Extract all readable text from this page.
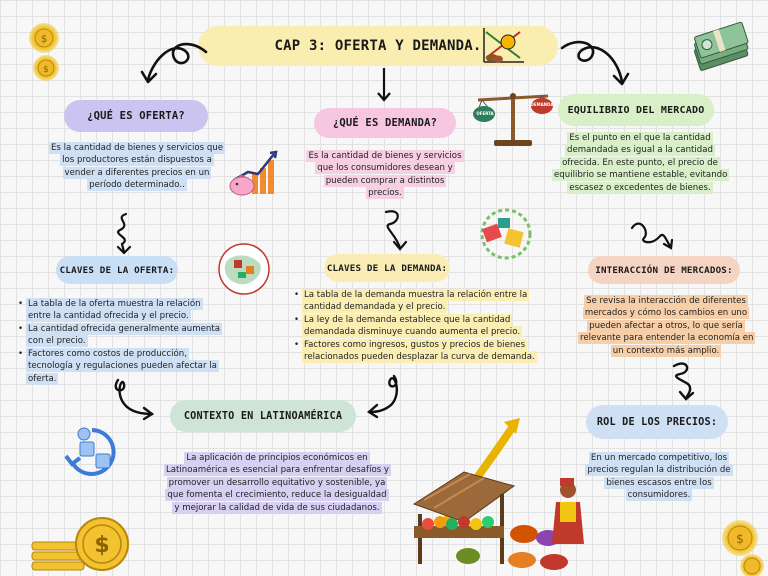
$
$
CAP 3: OFERTA Y DEMANDA.
¿QUÉ ES OFERTA?
Es la cantidad de bienes y servicios que los productores están dispuestos a vender a diferentes precios en un período determinado..
¿QUÉ ES DEMANDA?
Es la cantidad de bienes y servicios que los consumidores desean y pueden comprar a distintos precios.
OFERTA
DEMANDA EQUILIBRIO DEL MERCADO
Es el punto en el que la cantidad demandada es igual a la cantidad ofrecida. En este punto, el precio de equilibrio se mantiene estable, evitando escasez o excedentes de bienes.
CLAVES DE LA OFERTA:
• La tabla de la oferta muestra la relación entre la cantidad ofrecida y el precio.
• La cantidad ofrecida generalmente aumenta con el precio.
• Factores como costos de producción, tecnología y regulaciones pueden afectar la oferta.
CLAVES DE LA DEMANDA:
• La tabla de la demanda muestra la relación entre la cantidad demandada y el precio.
• La ley de la demanda establece que la cantidad demandada disminuye cuando aumenta el precio.
• Factores como ingresos, gustos y precios de bienes relacionados pueden desplazar la curva de demanda.
INTERACCIÓN DE MERCADOS:
Se revisa la interacción de diferentes mercados y cómo los cambios en uno pueden afectar a otros, lo que sería relevante para entender la economía en un contexto más amplio.
CONTEXTO EN LATINOAMÉRICA
La aplicación de principios económicos en Latinoamérica es esencial para enfrentar desafíos y promover un desarrollo equitativo y sostenible, ya que fomenta el crecimiento, reduce la desigualdad y mejorar la calidad de vida de sus ciudadanos.
ROL DE LOS PRECIOS:
En un mercado competitivo, los precios regulan la distribución de bienes escasos entre los consumidores.
$	$
